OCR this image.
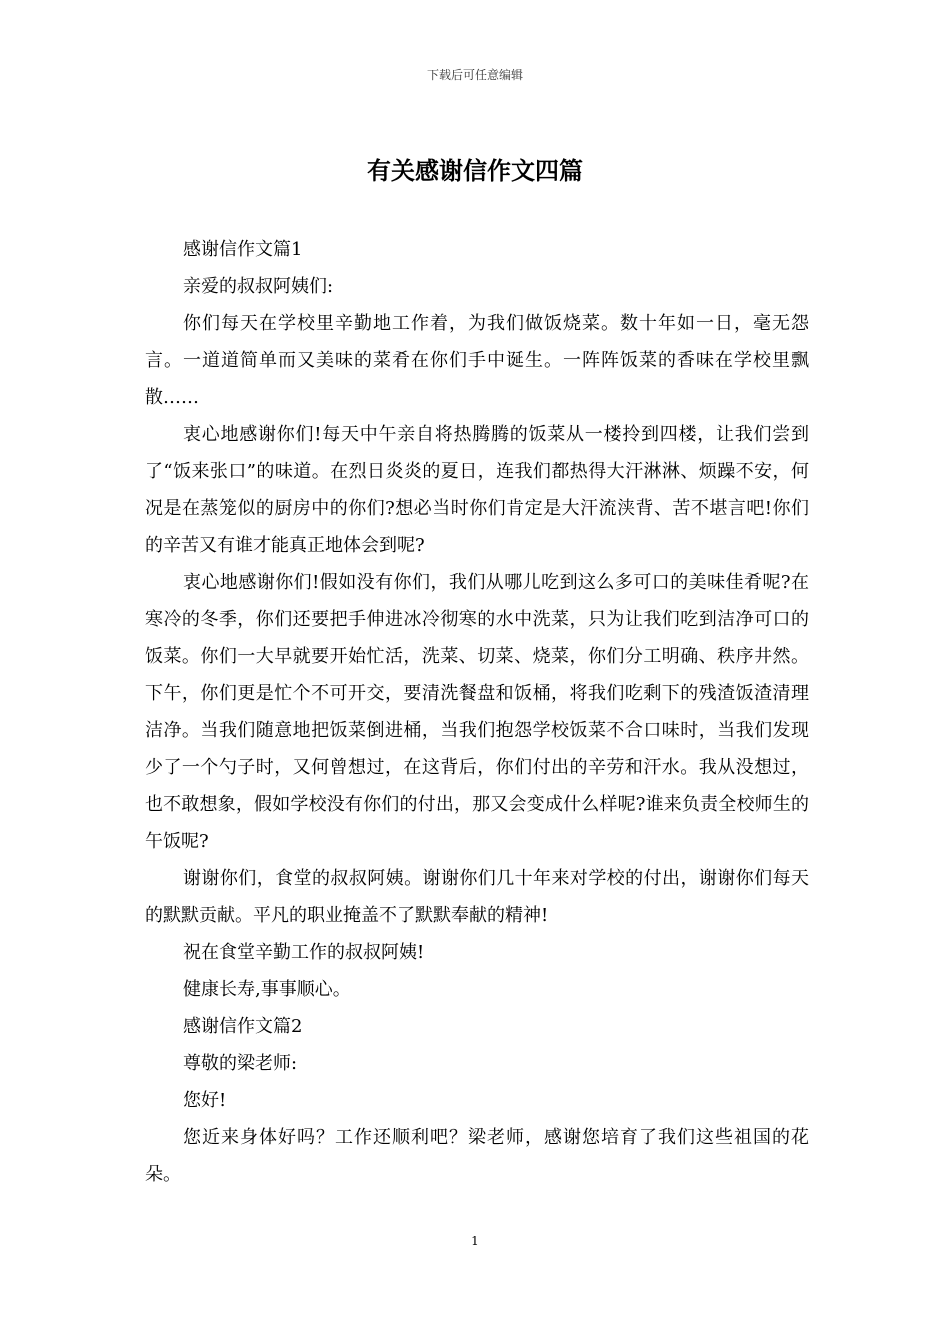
下载后可任意编辑
有关感谢信作文四篇

感谢信作文篇1

亲爱的叔叔阿姨们:

你们每天在学校里辛勤地工作着，为我们做饭烧菜。数十年如一日，毫无怨言。一道道简单而又美味的菜肴在你们手中诞生。一阵阵饭菜的香味在学校里飘散……

衷心地感谢你们!每天中午亲自将热腾腾的饭菜从一楼拎到四楼，让我们尝到了“饭来张口”的味道。在烈日炎炎的夏日，连我们都热得大汗淋淋、烦躁不安，何况是在蒸笼似的厨房中的你们?想必当时你们肯定是大汗流浃背、苦不堪言吧!你们的辛苦又有谁才能真正地体会到呢?

衷心地感谢你们!假如没有你们，我们从哪儿吃到这么多可口的美味佳肴呢?在寒冷的冬季，你们还要把手伸进冰冷彻寒的水中洗菜，只为让我们吃到洁净可口的饭菜。你们一大早就要开始忙活，洗菜、切菜、烧菜，你们分工明确、秩序井然。下午，你们更是忙个不可开交，要清洗餐盘和饭桶，将我们吃剩下的残渣饭渣清理洁净。当我们随意地把饭菜倒进桶，当我们抱怨学校饭菜不合口味时，当我们发现少了一个勺子时，又何曾想过，在这背后，你们付出的辛劳和汗水。我从没想过，也不敢想象，假如学校没有你们的付出，那又会变成什么样呢?谁来负责全校师生的午饭呢?

谢谢你们，食堂的叔叔阿姨。谢谢你们几十年来对学校的付出，谢谢你们每天的默默贡献。平凡的职业掩盖不了默默奉献的精神!

祝在食堂辛勤工作的叔叔阿姨!

健康长寿,事事顺心。

感谢信作文篇2

尊敬的梁老师:

您好!

您近来身体好吗？工作还顺利吧？梁老师，感谢您培育了我们这些祖国的花朵。

1
